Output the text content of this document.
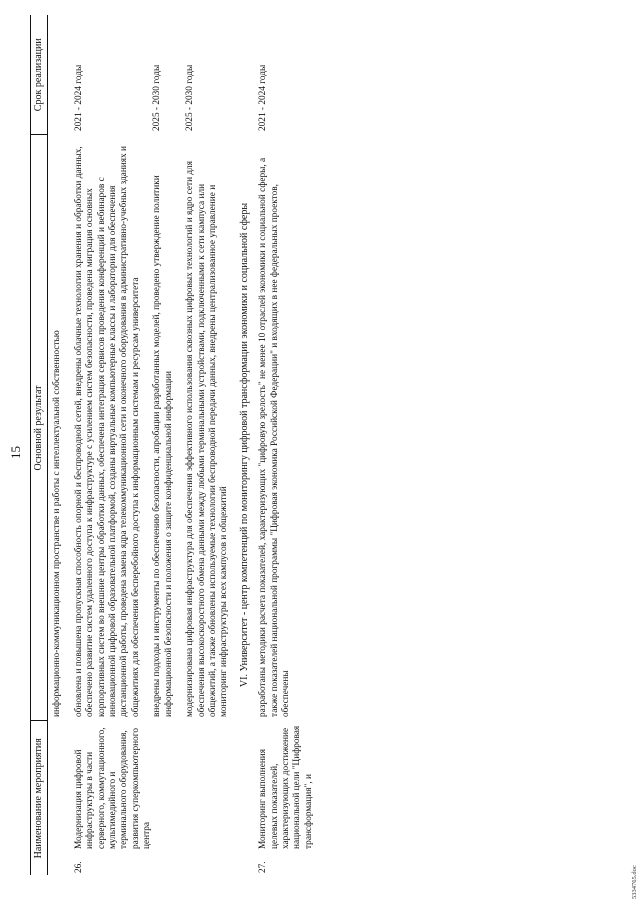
15
Наименование мероприятия		Основной результат	Срок реализации
		информационно-коммуникационном пространстве и работы с интеллектуальной собственностью	
26.	Модернизация цифровой инфраструктуры в части серверного, коммутационного, мультимедийного и терминального оборудования, развития суперкомпьютерного центра	обновлена и повышена пропускная способность опорной и беспроводной сетей, внедрены облачные технологии хранения и обработки данных, обеспечено развитие систем удаленного доступа к инфраструктуре с усилением систем безопасности, проведена миграция основных корпоративных систем во внешние центры обработки данных, обеспечена интеграция сервисов проведения конференций и вебинаров с инновационной цифровой образовательной платформой, созданы виртуальные компьютерные классы и лаборатории для обеспечения дистанционной работы, проведена замена ядра телекоммуникационной сети и оконечного оборудования в административно-учебных зданиях и общежитиях для обеспечения бесперебойного доступа к информационным системам и ресурсам университета	2021 - 2024 годы
		внедрены подходы и инструменты по обеспечению безопасности, апробации разработанных моделей, проведено утверждение политики информационной безопасности и положения о защите конфиденциальной информации	2025 - 2030 годы
		модернизирована цифровая инфраструктура для обеспечения эффективного использования сквозных цифровых технологий и ядро сети для обеспечения высокоскоростного обмена данными между любыми терминальными устройствами, подключенными к сети кампуса или общежитий, а также обновлены используемые технологии беспроводной передачи данных, внедрены централизованное управление и мониторинг инфраструктуры всех кампусов и общежитий	2025 - 2030 годы
VI. Университет - центр компетенций по мониторингу цифровой трансформации экономики и социальной сферы			
27.	Мониторинг выполнения целевых показателей, характеризующих достижение национальной цели "Цифровая трансформация", и	разработаны методики расчета показателей, характеризующих "цифровую зрелость" не менее 10 отраслей экономики и социальной сферы, а также показателей национальной программы "Цифровая экономика Российской Федерации" и входящих в нее федеральных проектов, обеспечены	2021 - 2024 годы
5334765.doc
